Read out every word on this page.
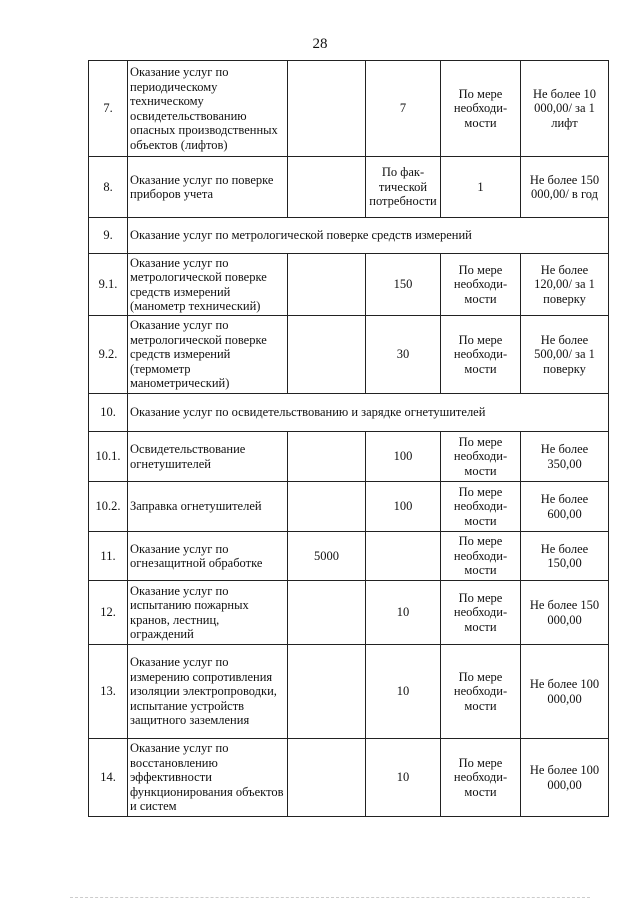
28
7.	Оказание услуг по периодическому техническому освидетельствованию опасных производственных объектов (лифтов)		7	По мере необходи-мости	Не более 10 000,00/ за 1 лифт
8.	Оказание услуг по поверке приборов учета		По фак-тической потребности	1	Не более 150 000,00/ в год
9.	Оказание услуг по метрологической поверке средств измерений				
9.1.	Оказание услуг по метрологической поверке средств измерений (манометр технический)		150	По мере необходи-мости	Не более 120,00/ за 1 поверку
9.2.	Оказание услуг по метрологической поверке средств измерений (термометр манометрический)		30	По мере необходи-мости	Не более 500,00/ за 1 поверку
10.	Оказание услуг по освидетельствованию и зарядке огнетушителей				
10.1.	Освидетельствование огнетушителей		100	По мере необходи-мости	Не более 350,00
10.2.	Заправка огнетушителей		100	По мере необходи-мости	Не более 600,00
11.	Оказание услуг по огнезащитной обработке	5000		По мере необходи-мости	Не более 150,00
12.	Оказание услуг по испытанию пожарных кранов, лестниц, ограждений		10	По мере необходи-мости	Не более 150 000,00
13.	Оказание услуг по измерению сопротивления изоляции электропроводки, испытание устройств защитного заземления		10	По мере необходи-мости	Не более 100 000,00
14.	Оказание услуг по восстановлению эффективности функционирования объектов и систем		10	По мере необходи-мости	Не более 100 000,00
